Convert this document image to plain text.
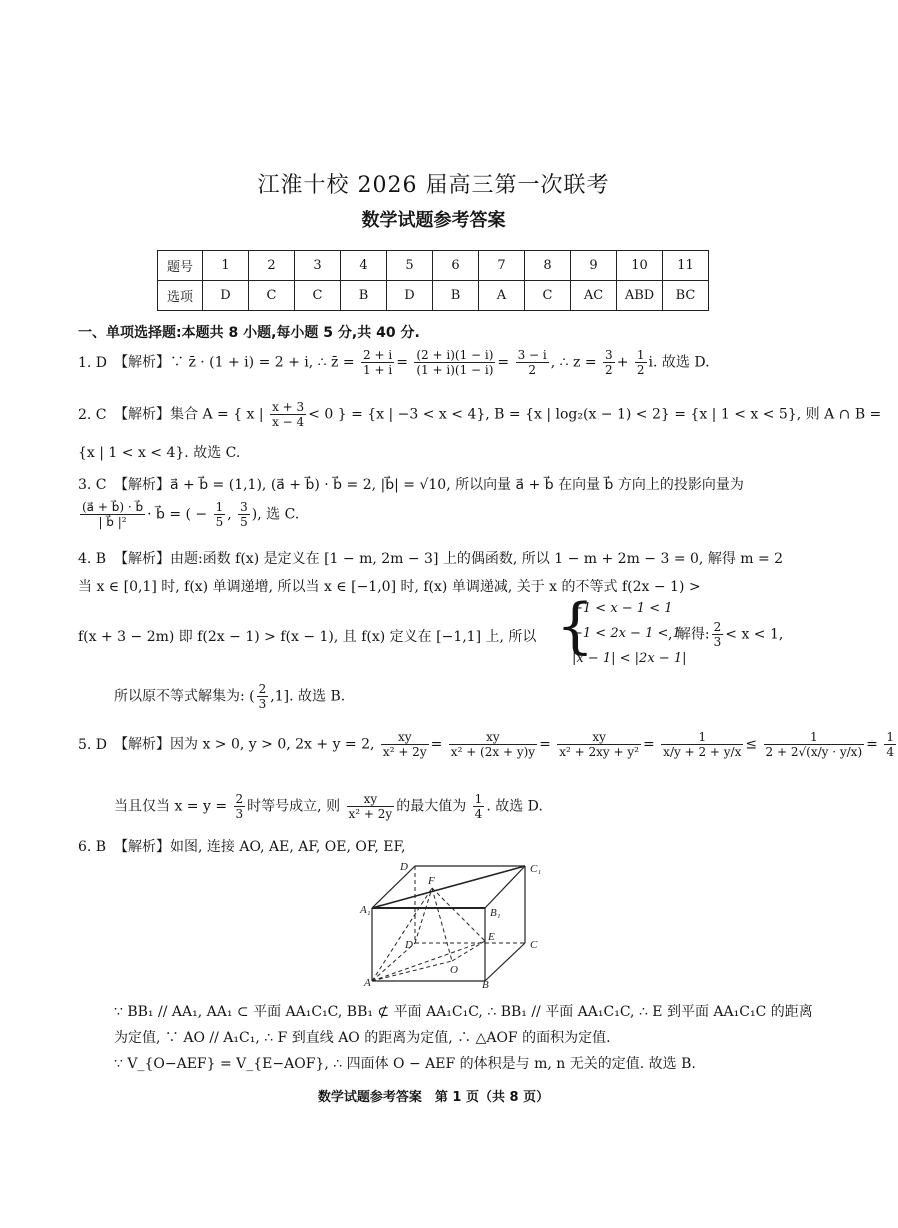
江淮十校 2026 届高三第一次联考
数学试题参考答案
题号	1	2	3	4	5	6	7	8	9	10	11
选项	D	C	C	B	D	B	A	C	AC	ABD	BC
一、单项选择题:本题共 8 小题,每小题 5 分,共 40 分.
1. D 【解析】∵ z̄ · (1 + i) = 2 + i, ∴ z̄ = $\frac{2 + i}{1 + i} = \frac{(2 + i)(1 - i)}{(1 + i)(1 - i)} = \frac{3 - i}{2}$ , ∴ $z = \frac{3}{2} + \frac{1}{2} i$. 故选 D.
2. C 【解析】集合 A = { x | $\frac{x + 3}{x - 4} < 0$ } = {x | −3 < x < 4}, B = {x | log₂(x − 1) < 2} = {x | 1 < x < 5}, 则 A ∩ B =
{x | 1 < x < 4}. 故选 C.
3. C 【解析】a⃗ + b⃗ = (1,1), (a⃗ + b⃗) · b⃗ = 2, |b⃗| = √10, 所以向量 a⃗ + b⃗ 在向量 b⃗ 方向上的投影向量为
$\frac{(a⃗ + b⃗) \cdot b⃗}{\text{| b⃗ |²}}$ · b⃗ = ( − $\frac{1}{5}$ , $\frac{3}{5}$ ), 选 C.
4. B 【解析】由题:函数 f(x) 是定义在 [1 − m, 2m − 3] 上的偶函数, 所以 1 − m + 2m − 3 = 0, 解得 m = 2
当 x ∈ [0,1] 时, f(x) 单调递增, 所以当 x ∈ [−1,0] 时, f(x) 单调递减, 关于 x 的不等式 f(2x − 1) >
f(x + 3 − 2m) 即 f(2x − 1) > f(x − 1), 且 f(x) 定义在 [−1,1] 上, 所以 {
−1 < x − 1 < 1
−1 < 2x − 1 < 1
|x − 1| < |2x − 1|
, 解得: $\frac{2}{3} < x < 1$,
所以原不等式解集为: ( $\frac{2}{3} ,1$]. 故选 B.
5. D 【解析】因为 x > 0, y > 0, 2x + y = 2, $\frac{xy}{\text{x² + 2y}} = \frac{xy}{\text{x² + (2x + y)y}} = \frac{xy}{\text{x² + 2xy + y²}} = \frac{1}{x/y + 2 + y/x} \le \frac{1}{2 + 2√(x/y \cdot y/x)} = \frac{1}{4}$
当且仅当 $x = y = \frac{2}{3}$ 时等号成立, 则 $\frac{xy}{\text{x² + 2y}}$ 的最大值为 $\frac{1}{4}$ . 故选 D.
6. B 【解析】如图, 连接 AO, AE, AF, OE, OF, EF,
D	C₁
F
A₁	B₁
D
E
C
A
O
B
∵ BB₁ // AA₁, AA₁ ⊂ 平面 AA₁C₁C, BB₁ ⊄ 平面 AA₁C₁C, ∴ BB₁ // 平面 AA₁C₁C, ∴ E 到平面 AA₁C₁C 的距离
为定值, ∵ AO // A₁C₁, ∴ F 到直线 AO 的距离为定值, ∴ △AOF 的面积为定值.
∵ V_{O−AEF} = V_{E−AOF}, ∴ 四面体 O − AEF 的体积是与 m, n 无关的定值. 故选 B.
数学试题参考答案　第 1 页（共 8 页）
